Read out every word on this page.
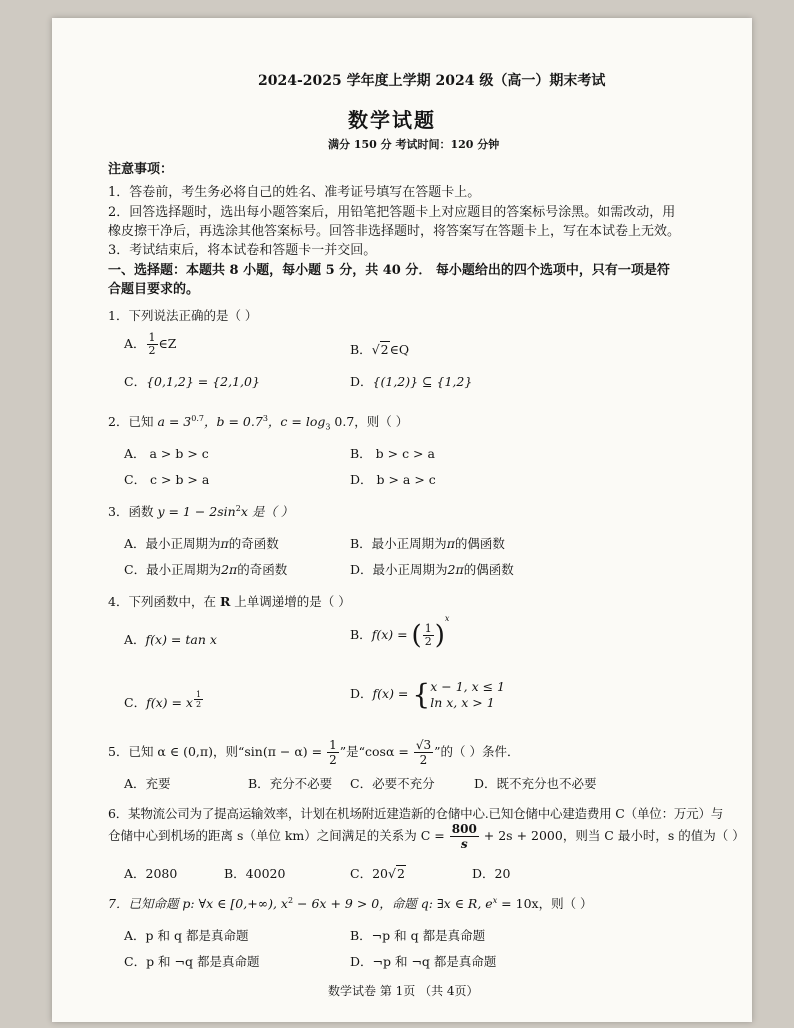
2024-2025 学年度上学期 2024 级（高一）期末考试
数学试题
满分 150 分 考试时间：120 分钟
注意事项：
1．答卷前，考生务必将自己的姓名、准考证号填写在答题卡上。
2．回答选择题时，选出每小题答案后，用铅笔把答题卡上对应题目的答案标号涂黑。如需改动，用
橡皮擦干净后，再选涂其他答案标号。回答非选择题时，将答案写在答题卡上，写在本试卷上无效。
3．考试结束后，将本试卷和答题卡一并交回。
一、选择题：本题共 8 小题，每小题 5 分，共 40 分． 每小题给出的四个选项中，只有一项是符
合题目要求的。
1．下列说法正确的是（ ）
A． $\frac{1}{2}$ ∈Z	B．√2∈Q
C．{0,1,2} = {2,1,0}	D．{(1,2)} ⊆ {1,2}
2．已知 $a = 3^{0.7}$，$b = 0.7^3$，$c = \log_3 0.7$，则（ ）
A． a > b > c	B． b > c > a
C． c > b > a	D． b > a > c
3．函数 $y = 1 - 2\sin^2x$ 是（ ）
A．最小正周期为π的奇函数	B．最小正周期为π的偶函数
C．最小正周期为2π的奇函数	D．最小正周期为2π的偶函数
4．下列函数中，在 R 上单调递增的是（ ）
A．f(x) = tan x	B．f(x) = ( $\frac{1}{2} )^x$
C．f(x) = x $\frac{1}{2}$	D．f(x) = { x − 1, x ≤ 1
ln x, x > 1
5．已知 α ∈ (0,π)，则“$\sin(\pi - \alpha) = \frac{1}{2}$ ”是“$\cos\alpha = \frac{√3}{2}$ ”的（ ）条件．
A．充要	B．充分不必要 C．必要不充分	D．既不充分也不必要
6．某物流公司为了提高运输效率，计划在机场附近建造新的仓储中心.已知仓储中心建造费用 C（单位：万元）与
仓储中心到机场的距离 s（单位 km）之间满足的关系为 $C = \frac{800}{s} + 2s + 2000$，则当 C 最小时，s 的值为（ ）
A．2080	B．40020	C．20√2	D．20
7．已知命题 p: ∀x ∈ [0,+∞), $x^2 - 6x + 9 > 0$，命题 q: ∃x ∈ R, $e^x = 10x$，则（ ）
A．p 和 q 都是真命题	B．¬p 和 q 都是真命题
C．p 和 ¬q 都是真命题	D．¬p 和 ¬q 都是真命题
数学试卷 第 1页 （共 4页）
